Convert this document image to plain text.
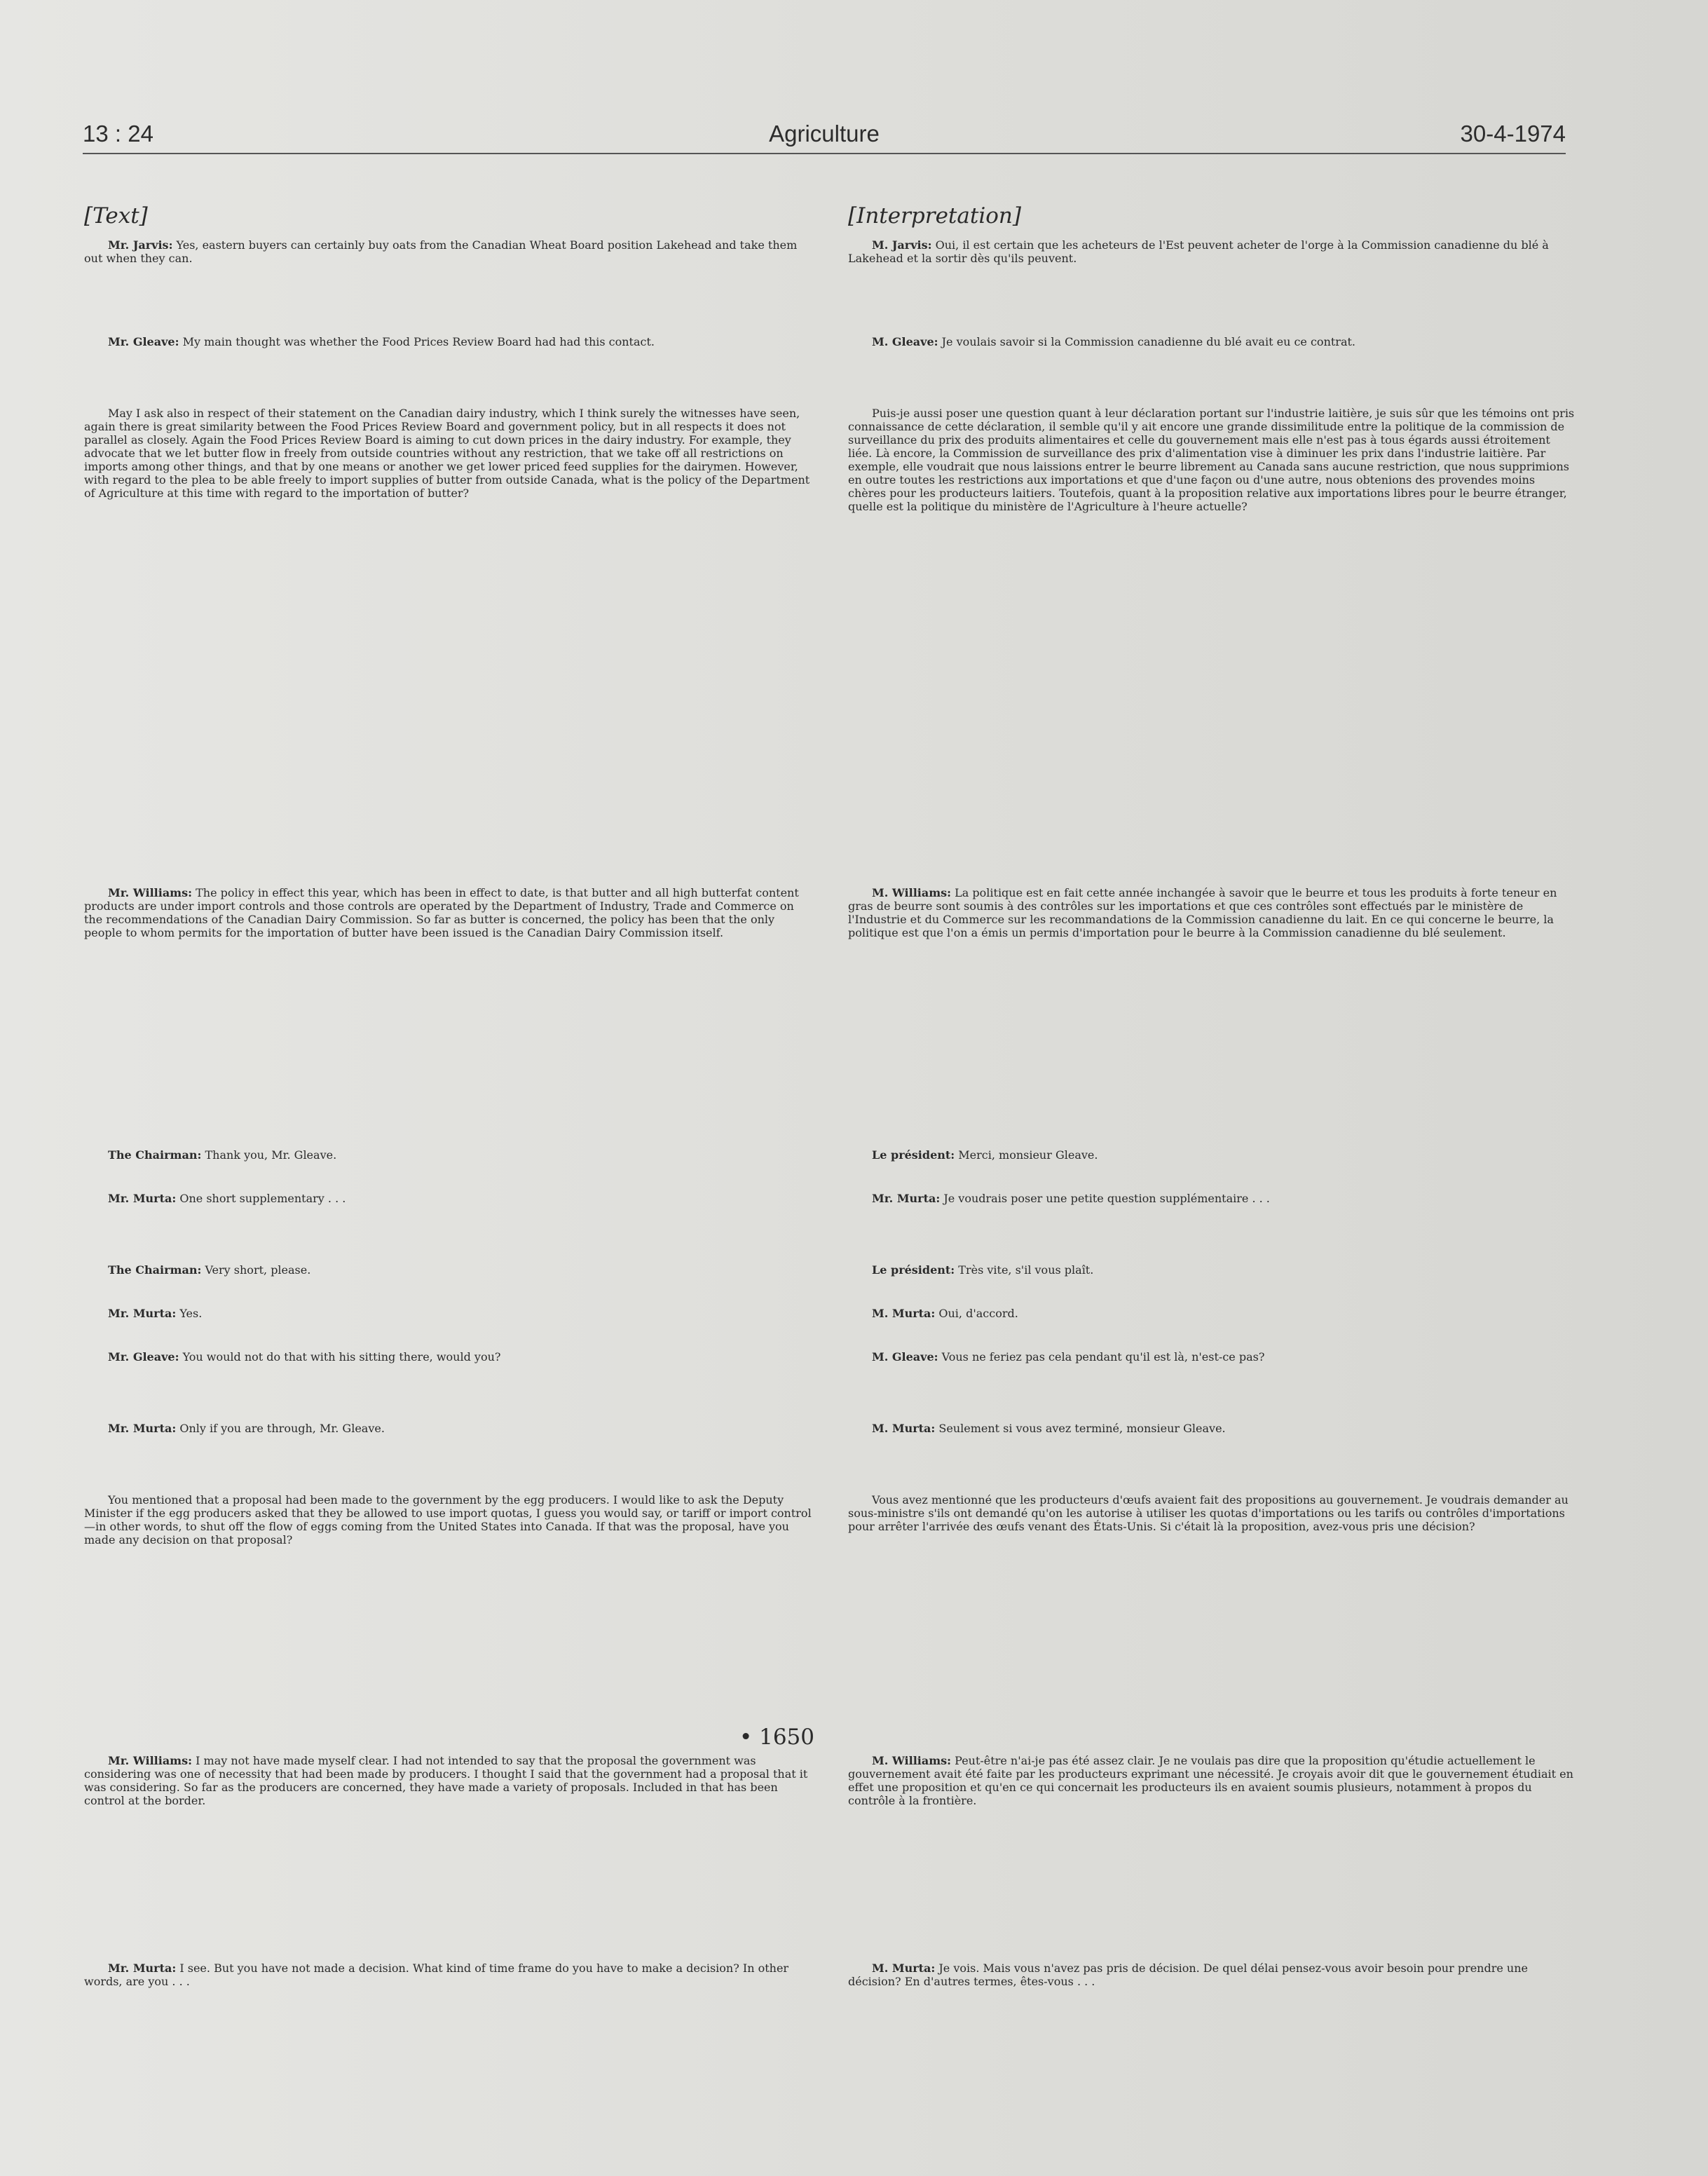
13 : 24	Agriculture	30-4-1974
[Text]

Mr. Jarvis: Yes, eastern buyers can certainly buy oats from the Canadian Wheat Board position Lakehead and take them out when they can.

Mr. Gleave: My main thought was whether the Food Prices Review Board had had this contact.

May I ask also in respect of their statement on the Canadian dairy industry, which I think surely the witnesses have seen, again there is great similarity between the Food Prices Review Board and government policy, but in all respects it does not parallel as closely. Again the Food Prices Review Board is aiming to cut down prices in the dairy industry. For example, they advocate that we let butter flow in freely from outside countries without any restriction, that we take off all restrictions on imports among other things, and that by one means or another we get lower priced feed supplies for the dairymen. However, with regard to the plea to be able freely to import supplies of butter from outside Canada, what is the policy of the Department of Agriculture at this time with regard to the importation of butter?

Mr. Williams: The policy in effect this year, which has been in effect to date, is that butter and all high butterfat content products are under import controls and those controls are operated by the Department of Industry, Trade and Commerce on the recommendations of the Canadian Dairy Commission. So far as butter is concerned, the policy has been that the only people to whom permits for the importation of butter have been issued is the Canadian Dairy Commission itself.

The Chairman: Thank you, Mr. Gleave.

Mr. Murta: One short supplementary . . .

The Chairman: Very short, please.

Mr. Murta: Yes.

Mr. Gleave: You would not do that with his sitting there, would you?

Mr. Murta: Only if you are through, Mr. Gleave.

You mentioned that a proposal had been made to the government by the egg producers. I would like to ask the Deputy Minister if the egg producers asked that they be allowed to use import quotas, I guess you would say, or tariff or import control—in other words, to shut off the flow of eggs coming from the United States into Canada. If that was the proposal, have you made any decision on that proposal?

• 1650

Mr. Williams: I may not have made myself clear. I had not intended to say that the proposal the government was considering was one of necessity that had been made by producers. I thought I said that the government had a proposal that it was considering. So far as the producers are concerned, they have made a variety of proposals. Included in that has been control at the border.

Mr. Murta: I see. But you have not made a decision. What kind of time frame do you have to make a decision? In other words, are you . . .

[Interpretation]

M. Jarvis: Oui, il est certain que les acheteurs de l'Est peuvent acheter de l'orge à la Commission canadienne du blé à Lakehead et la sortir dès qu'ils peuvent.

M. Gleave: Je voulais savoir si la Commission canadienne du blé avait eu ce contrat.

Puis-je aussi poser une question quant à leur déclaration portant sur l'industrie laitière, je suis sûr que les témoins ont pris connaissance de cette déclaration, il semble qu'il y ait encore une grande dissimilitude entre la politique de la commission de surveillance du prix des produits alimentaires et celle du gouvernement mais elle n'est pas à tous égards aussi étroitement liée. Là encore, la Commission de surveillance des prix d'alimentation vise à diminuer les prix dans l'industrie laitière. Par exemple, elle voudrait que nous laissions entrer le beurre librement au Canada sans aucune restriction, que nous supprimions en outre toutes les restrictions aux importations et que d'une façon ou d'une autre, nous obtenions des provendes moins chères pour les producteurs laitiers. Toutefois, quant à la proposition relative aux importations libres pour le beurre étranger, quelle est la politique du ministère de l'Agriculture à l'heure actuelle?

M. Williams: La politique est en fait cette année inchangée à savoir que le beurre et tous les produits à forte teneur en gras de beurre sont soumis à des contrôles sur les importations et que ces contrôles sont effectués par le ministère de l'Industrie et du Commerce sur les recommandations de la Commission canadienne du lait. En ce qui concerne le beurre, la politique est que l'on a émis un permis d'importation pour le beurre à la Commission canadienne du blé seulement.

Le président: Merci, monsieur Gleave.

Mr. Murta: Je voudrais poser une petite question supplémentaire . . .

Le président: Très vite, s'il vous plaît.

M. Murta: Oui, d'accord.

M. Gleave: Vous ne feriez pas cela pendant qu'il est là, n'est-ce pas?

M. Murta: Seulement si vous avez terminé, monsieur Gleave.

Vous avez mentionné que les producteurs d'œufs avaient fait des propositions au gouvernement. Je voudrais demander au sous-ministre s'ils ont demandé qu'on les autorise à utiliser les quotas d'importations ou les tarifs ou contrôles d'importations pour arrêter l'arrivée des œufs venant des États-Unis. Si c'était là la proposition, avez-vous pris une décision?

M. Williams: Peut-être n'ai-je pas été assez clair. Je ne voulais pas dire que la proposition qu'étudie actuellement le gouvernement avait été faite par les producteurs exprimant une nécessité. Je croyais avoir dit que le gouvernement étudiait en effet une proposition et qu'en ce qui concernait les producteurs ils en avaient soumis plusieurs, notamment à propos du contrôle à la frontière.

M. Murta: Je vois. Mais vous n'avez pas pris de décision. De quel délai pensez-vous avoir besoin pour prendre une décision? En d'autres termes, êtes-vous . . .
